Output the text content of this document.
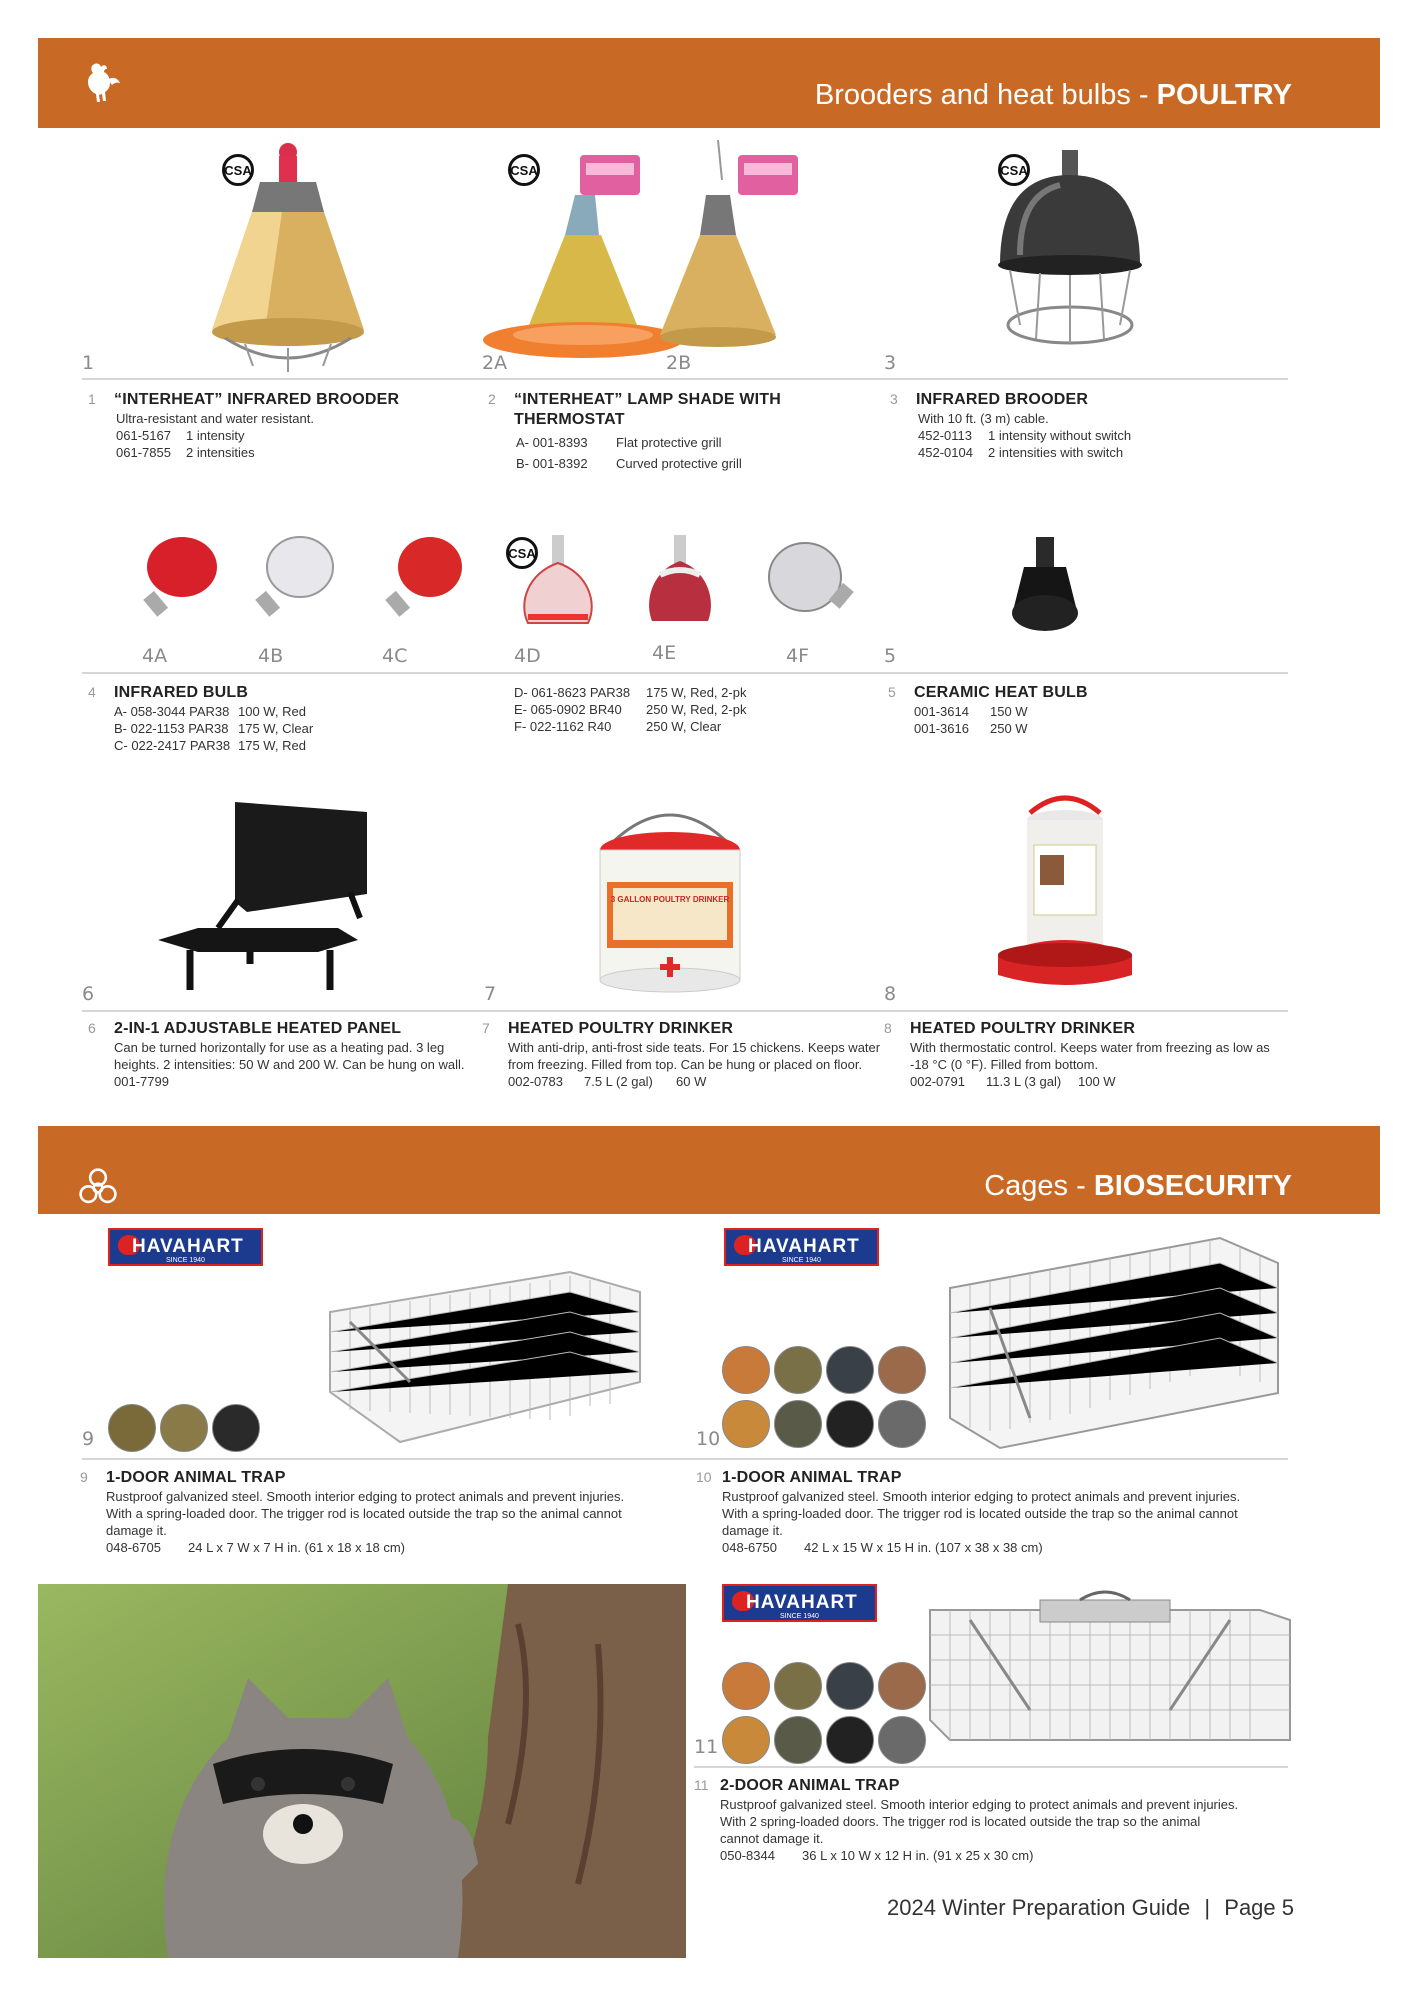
Brooders and heat bulbs - POULTRY
CSA	CSA	CSA
1	2A	2B	3
1 “INTERHEAT” INFRARED BROODER
Ultra-resistant and water resistant.
061-5167 1 intensity
061-7855 2 intensities
2 “INTERHEAT” LAMP SHADE WITH THERMOSTAT
A- 001-8393 Flat protective grill
B- 001-8392 Curved protective grill
3 INFRARED BROODER
With 10 ft. (3 m) cable.
452-0113 1 intensity without switch
452-0104 2 intensities with switch
CSA
4A	4B	4C	4D	4E	4F	5
4 INFRARED BULB
A- 058-3044 PAR38 100 W, Red
B- 022-1153 PAR38 175 W, Clear
C- 022-2417 PAR38 175 W, Red
D- 061-8623 PAR38 175 W, Red, 2-pk
E- 065-0902 BR40 250 W, Red, 2-pk
F- 022-1162 R40	250 W, Clear
5 CERAMIC HEAT BULB
001-3614 150 W
001-3616 250 W
3 GALLON POULTRY DRINKER
6	7	8
6 2-IN-1 ADJUSTABLE HEATED PANEL
Can be turned horizontally for use as a heating pad. 3 leg heights. 2 intensities: 50 W and 200 W. Can be hung on wall.
001-7799
7 HEATED POULTRY DRINKER
With anti-drip, anti-frost side teats. For 15 chickens. Keeps water from freezing. Filled from top. Can be hung or placed on floor.
002-0783 7.5 L (2 gal) 60 W
8 HEATED POULTRY DRINKER
With thermostatic control. Keeps water from freezing as low as -18 °C (0 °F). Filled from bottom.
002-0791 11.3 L (3 gal) 100 W
Cages - BIOSECURITY
HAVAHART
SINCE 1940
HAVAHART
SINCE 1940
HAVAHART
SINCE 1940
9	10
9 1-DOOR ANIMAL TRAP
Rustproof galvanized steel. Smooth interior edging to protect animals and prevent injuries. With a spring-loaded door. The trigger rod is located outside the trap so the animal cannot damage it.
048-6705 24 L x 7 W x 7 H in. (61 x 18 x 18 cm)
10 1-DOOR ANIMAL TRAP
Rustproof galvanized steel. Smooth interior edging to protect animals and prevent injuries. With a spring-loaded door. The trigger rod is located outside the trap so the animal cannot damage it.
048-6750 42 L x 15 W x 15 H in. (107 x 38 x 38 cm)
11
11 2-DOOR ANIMAL TRAP
Rustproof galvanized steel. Smooth interior edging to protect animals and prevent injuries. With 2 spring-loaded doors. The trigger rod is located outside the trap so the animal cannot damage it.
050-8344 36 L x 10 W x 12 H in. (91 x 25 x 30 cm)
2024 Winter Preparation Guide | Page 5
